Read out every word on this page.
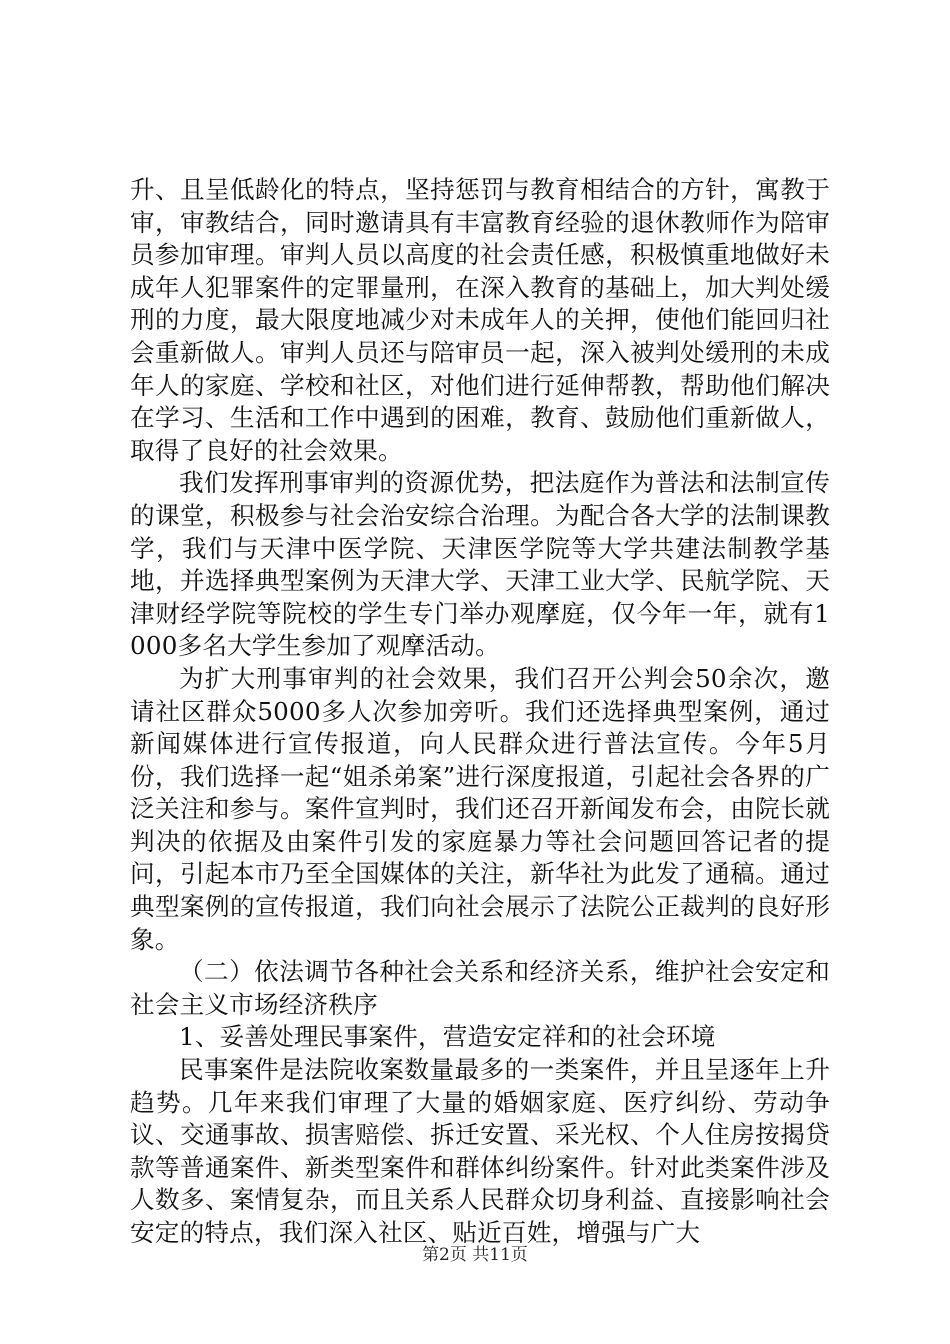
升、且呈低龄化的特点，坚持惩罚与教育相结合的方针，寓教于审，审教结合，同时邀请具有丰富教育经验的退休教师作为陪审员参加审理。审判人员以高度的社会责任感，积极慎重地做好未成年人犯罪案件的定罪量刑，在深入教育的基础上，加大判处缓刑的力度，最大限度地减少对未成年人的关押，使他们能回归社会重新做人。审判人员还与陪审员一起，深入被判处缓刑的未成年人的家庭、学校和社区，对他们进行延伸帮教，帮助他们解决在学习、生活和工作中遇到的困难，教育、鼓励他们重新做人，取得了良好的社会效果。

我们发挥刑事审判的资源优势，把法庭作为普法和法制宣传的课堂，积极参与社会治安综合治理。为配合各大学的法制课教学，我们与天津中医学院、天津医学院等大学共建法制教学基地，并选择典型案例为天津大学、天津工业大学、民航学院、天津财经学院等院校的学生专门举办观摩庭，仅今年一年，就有1000多名大学生参加了观摩活动。

为扩大刑事审判的社会效果，我们召开公判会50余次，邀请社区群众5000多人次参加旁听。我们还选择典型案例，通过新闻媒体进行宣传报道，向人民群众进行普法宣传。今年5月份，我们选择一起“姐杀弟案”进行深度报道，引起社会各界的广泛关注和参与。案件宣判时，我们还召开新闻发布会，由院长就判决的依据及由案件引发的家庭暴力等社会问题回答记者的提问，引起本市乃至全国媒体的关注，新华社为此发了通稿。通过典型案例的宣传报道，我们向社会展示了法院公正裁判的良好形象。

（二）依法调节各种社会关系和经济关系，维护社会安定和社会主义市场经济秩序

1、妥善处理民事案件，营造安定祥和的社会环境

民事案件是法院收案数量最多的一类案件，并且呈逐年上升趋势。几年来我们审理了大量的婚姻家庭、医疗纠纷、劳动争议、交通事故、损害赔偿、拆迁安置、采光权、个人住房按揭贷款等普通案件、新类型案件和群体纠纷案件。针对此类案件涉及人数多、案情复杂，而且关系人民群众切身利益、直接影响社会安定的特点，我们深入社区、贴近百姓，增强与广大

第2页 共11页
